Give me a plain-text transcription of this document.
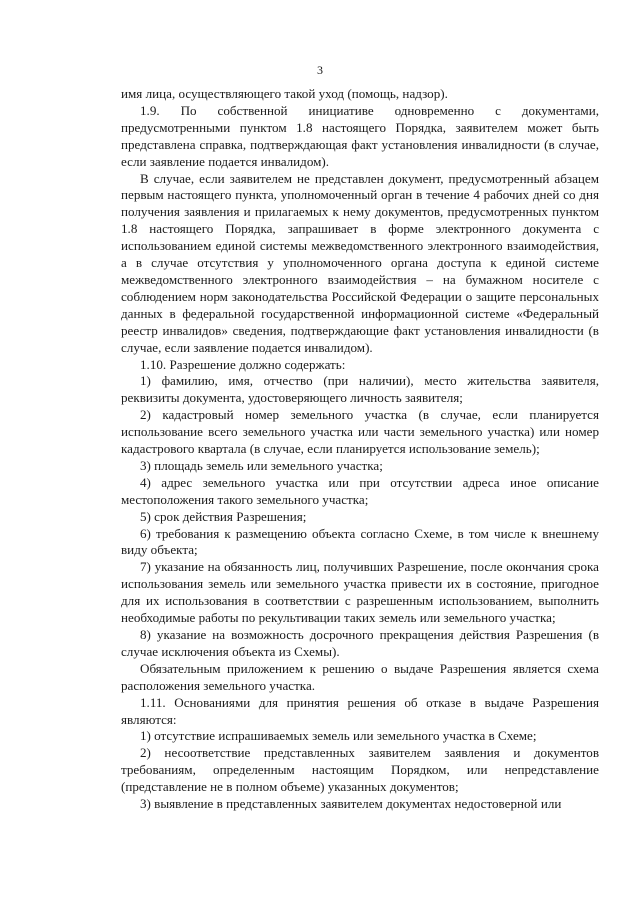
3

имя лица, осуществляющего такой уход (помощь, надзор).

1.9. По собственной инициативе одновременно с документами, предусмотренными пунктом 1.8 настоящего Порядка, заявителем может быть представлена справка, подтверждающая факт установления инвалидности (в случае, если заявление подается инвалидом).

В случае, если заявителем не представлен документ, предусмотренный абзацем первым настоящего пункта, уполномоченный орган в течение 4 рабочих дней со дня получения заявления и прилагаемых к нему документов, предусмотренных пунктом 1.8 настоящего Порядка, запрашивает в форме электронного документа с использованием единой системы межведомственного электронного взаимодействия, а в случае отсутствия у уполномоченного органа доступа к единой системе межведомственного электронного взаимодействия – на бумажном носителе с соблюдением норм законодательства Российской Федерации о защите персональных данных в федеральной государственной информационной системе «Федеральный реестр инвалидов» сведения, подтверждающие факт установления инвалидности (в случае, если заявление подается инвалидом).

1.10. Разрешение должно содержать:

1) фамилию, имя, отчество (при наличии), место жительства заявителя, реквизиты документа, удостоверяющего личность заявителя;

2) кадастровый номер земельного участка (в случае, если планируется использование всего земельного участка или части земельного участка) или номер кадастрового квартала (в случае, если планируется использование земель);

3) площадь земель или земельного участка;

4) адрес земельного участка или при отсутствии адреса иное описание местоположения такого земельного участка;

5) срок действия Разрешения;

6) требования к размещению объекта согласно Схеме, в том числе к внешнему виду объекта;

7) указание на обязанность лиц, получивших Разрешение, после окончания срока использования земель или земельного участка привести их в состояние, пригодное для их использования в соответствии с разрешенным использованием, выполнить необходимые работы по рекультивации таких земель или земельного участка;

8) указание на возможность досрочного прекращения действия Разрешения (в случае исключения объекта из Схемы).

Обязательным приложением к решению о выдаче Разрешения является схема расположения земельного участка.

1.11. Основаниями для принятия решения об отказе в выдаче Разрешения являются:

1) отсутствие испрашиваемых земель или земельного участка в Схеме;

2) несоответствие представленных заявителем заявления и документов требованиям, определенным настоящим Порядком, или непредставление (представление не в полном объеме) указанных документов;

3) выявление в представленных заявителем документах недостоверной или
